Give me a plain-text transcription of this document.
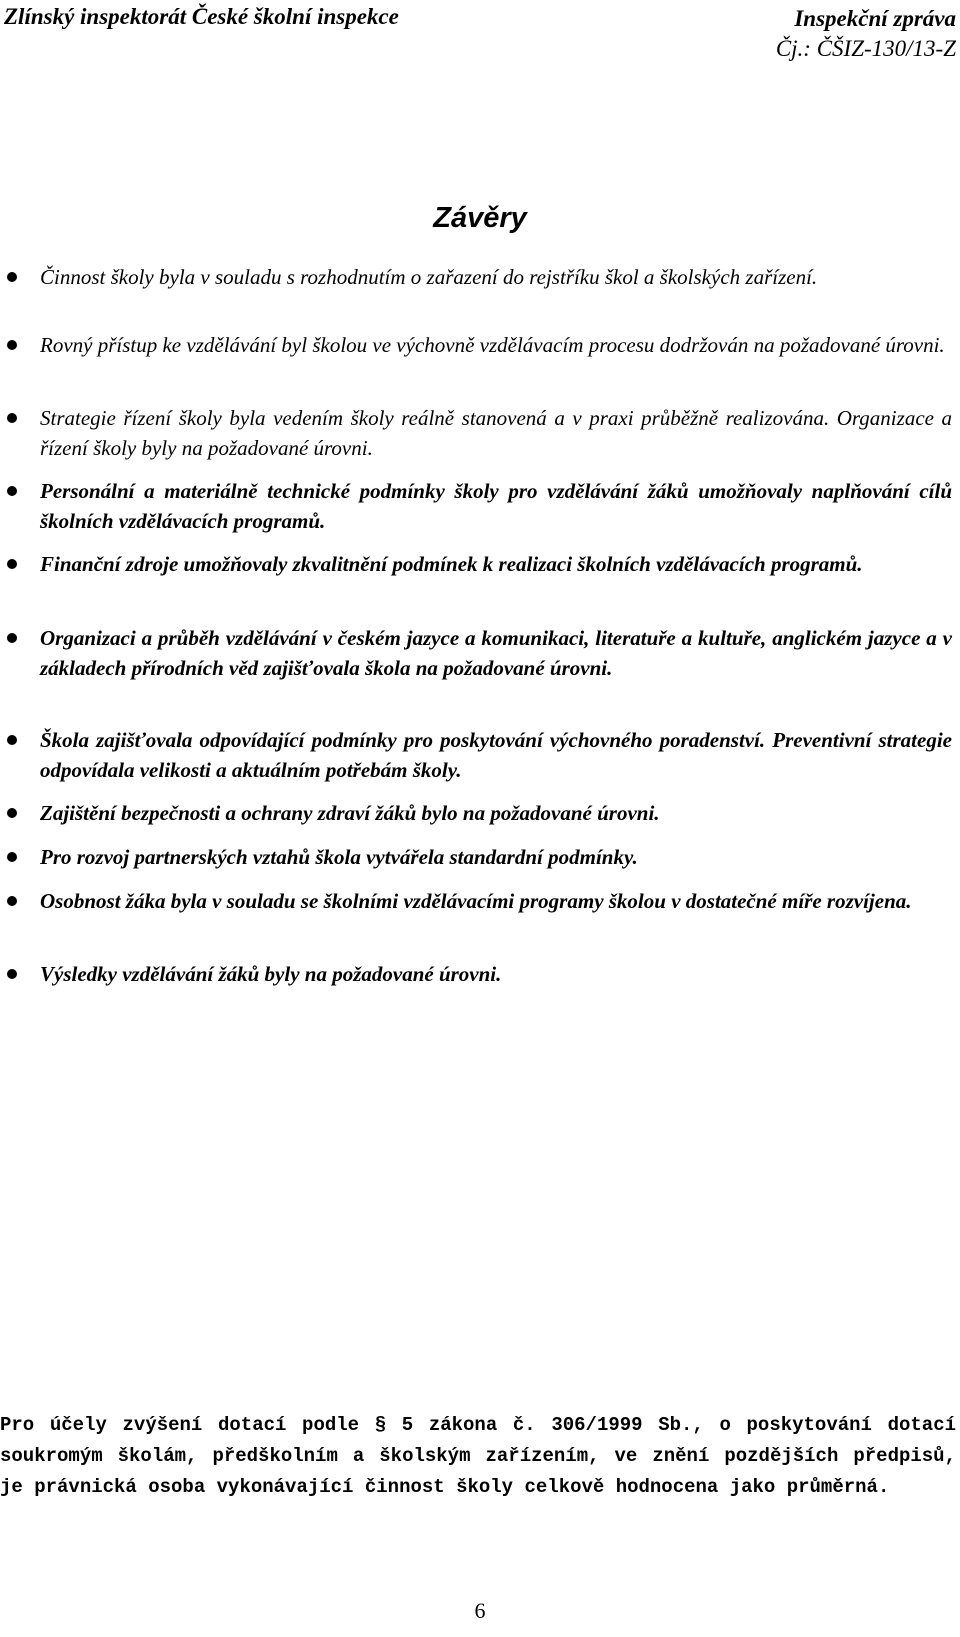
Zlínský inspektorát České školní inspekce	Inspekční zpráva
Čj.: ČŠIZ-130/13-Z
Závěry
Činnost školy byla v souladu s rozhodnutím o zařazení do rejstříku škol a školských zařízení.
Rovný přístup ke vzdělávání byl školou ve výchovně vzdělávacím procesu dodržován na požadované úrovni.
Strategie řízení školy byla vedením školy reálně stanovená a v praxi průběžně realizována. Organizace a řízení školy byly na požadované úrovni.
Personální a materiálně technické podmínky školy pro vzdělávání žáků umožňovaly naplňování cílů školních vzdělávacích programů.
Finanční zdroje umožňovaly zkvalitnění podmínek k realizaci školních vzdělávacích programů.
Organizaci a průběh vzdělávání v českém jazyce a komunikaci, literatuře a kultuře, anglickém jazyce a v základech přírodních věd zajišťovala škola na požadované úrovni.
Škola zajišťovala odpovídající podmínky pro poskytování výchovného poradenství. Preventivní strategie odpovídala velikosti a aktuálním potřebám školy.
Zajištění bezpečnosti a ochrany zdraví žáků bylo na požadované úrovni.
Pro rozvoj partnerských vztahů škola vytvářela standardní podmínky.
Osobnost žáka byla v souladu se školními vzdělávacími programy školou v dostatečné míře rozvíjena.
Výsledky vzdělávání žáků byly na požadované úrovni.
Pro účely zvýšení dotací podle § 5 zákona č. 306/1999 Sb., o poskytování dotací soukromým školám, předškolním a školským zařízením, ve znění pozdějších předpisů, je právnická osoba vykonávající činnost školy celkově hodnocena jako průměrná.
6
